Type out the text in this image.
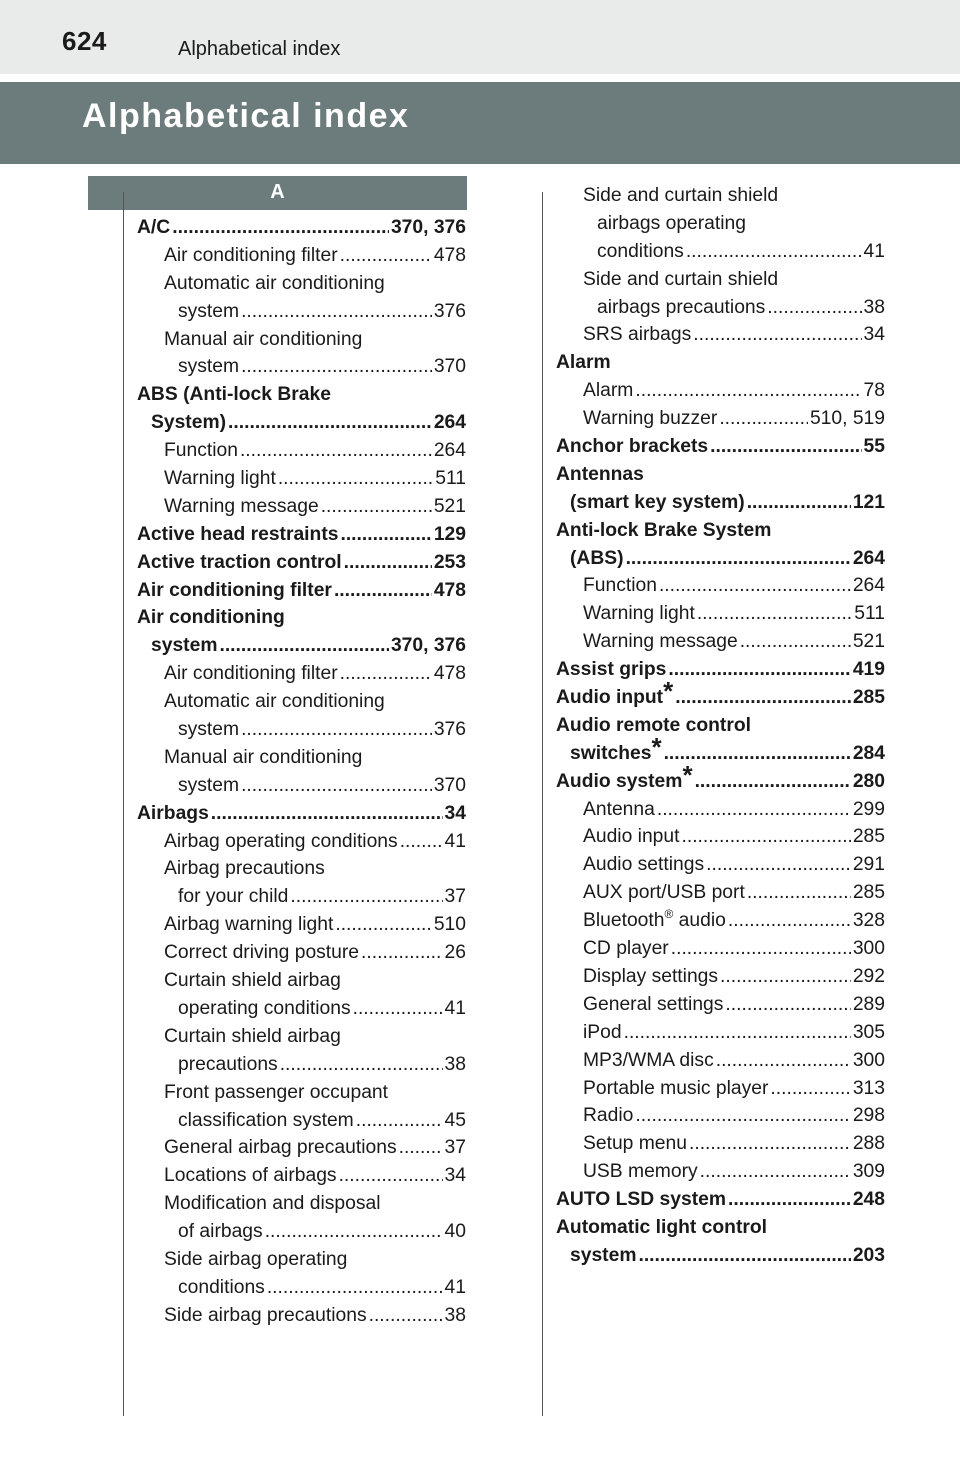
624	Alphabetical index
Alphabetical index
A
A/C .....	370, 376
Air conditioning filter .....	478
Automatic air conditioning
system .....	376
Manual air conditioning
system .....	370
ABS (Anti-lock Brake
System) .....	264
Function .....	264
Warning light .....	511
Warning message .....	521
Active head restraints .....	129
Active traction control .....	253
Air conditioning filter .....	478
Air conditioning
system .....	370, 376
Air conditioning filter .....	478
Automatic air conditioning
system .....	376
Manual air conditioning
system .....	370
Airbags .....	34
Airbag operating conditions ..... 41
Airbag precautions
for your child .....	37
Airbag warning light .....	510
Correct driving posture .....	26
Curtain shield airbag
operating conditions .....	41
Curtain shield airbag
precautions .....	38
Front passenger occupant
classification system .....	45
General airbag precautions ..... 37
Locations of airbags .....	34
Modification and disposal
of airbags .....	40
Side airbag operating
conditions .....	41
Side airbag precautions .....	38
Side and curtain shield
airbags operating
conditions .....	41
Side and curtain shield
airbags precautions .....	38
SRS airbags .....	34
Alarm
Alarm .....	78
Warning buzzer .....	510, 519
Anchor brackets .....	55
Antennas
(smart key system) .....	121
Anti-lock Brake System
(ABS) .....	264
Function .....	264
Warning light .....	511
Warning message .....	521
Assist grips .....	419
Audio input* .....	285
Audio remote control
switches* .....	284
Audio system* .....	280
Antenna .....	299
Audio input .....	285
Audio settings .....	291
AUX port/USB port .....	285
Bluetooth® audio .....	328
CD player .....	300
Display settings .....	292
General settings .....	289
iPod .....	305
MP3/WMA disc .....	300
Portable music player .....	313
Radio .....	298
Setup menu .....	288
USB memory .....	309
AUTO LSD system .....	248
Automatic light control
system .....	203
